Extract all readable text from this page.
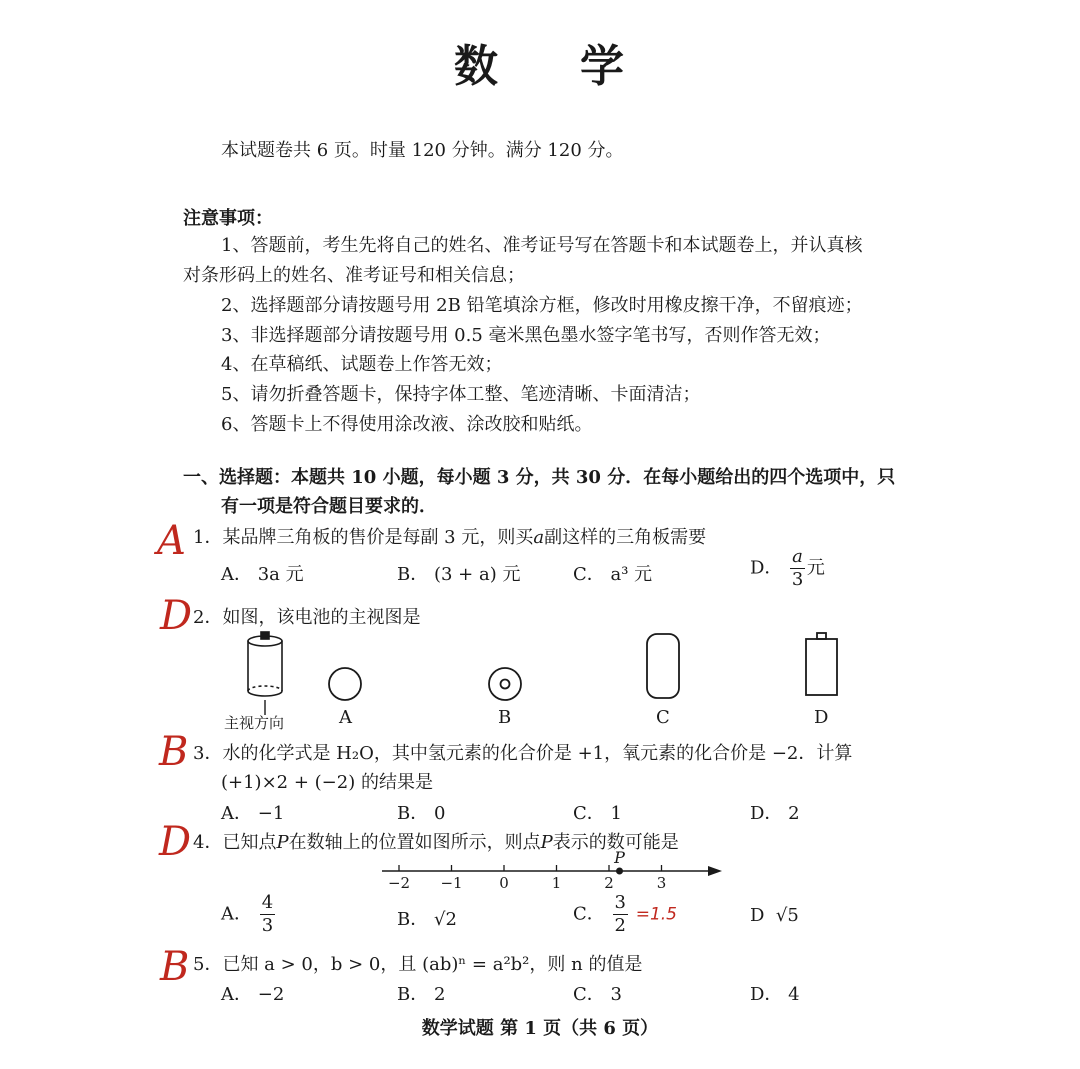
数 学
本试题卷共 6 页。时量 120 分钟。满分 120 分。
注意事项：
1、答题前，考生先将自己的姓名、准考证号写在答题卡和本试题卷上，并认真核
对条形码上的姓名、准考证号和相关信息；
2、选择题部分请按题号用 2B 铅笔填涂方框，修改时用橡皮擦干净，不留痕迹；
3、非选择题部分请按题号用 0.5 毫米黑色墨水签字笔书写，否则作答无效；
4、在草稿纸、试题卷上作答无效；
5、请勿折叠答题卡，保持字体工整、笔迹清晰、卡面清洁；
6、答题卡上不得使用涂改液、涂改胶和贴纸。
一、选择题：本题共 10 小题，每小题 3 分，共 30 分．在每小题给出的四个选项中，只
有一项是符合题目要求的．
A 1．某品牌三角板的售价是每副 3 元，则买a副这样的三角板需要
A． 3a 元	B． (3 + a) 元	C． a³ 元	D． $\frac{a}{3}$ 元
D 2．如图，该电池的主视图是
主视方向	A	B	C	D
B 3．水的化学式是 H₂O，其中氢元素的化合价是 +1，氧元素的化合价是 −2．计算
(+1)×2 + (−2) 的结果是
A． −1	B． 0	C． 1	D． 2
D 4．已知点P在数轴上的位置如图所示，则点P表示的数可能是
−2 −1 0	1	2	3
P
A． $\frac{4}{3}$	B． √2	C． $\frac{3}{2} =1.5$	D √5
B 5．已知 a > 0，b > 0，且 (ab)ⁿ = a²b²，则 n 的值是
A． −2	B． 2	C． 3	D． 4
数学试题 第 1 页（共 6 页）
